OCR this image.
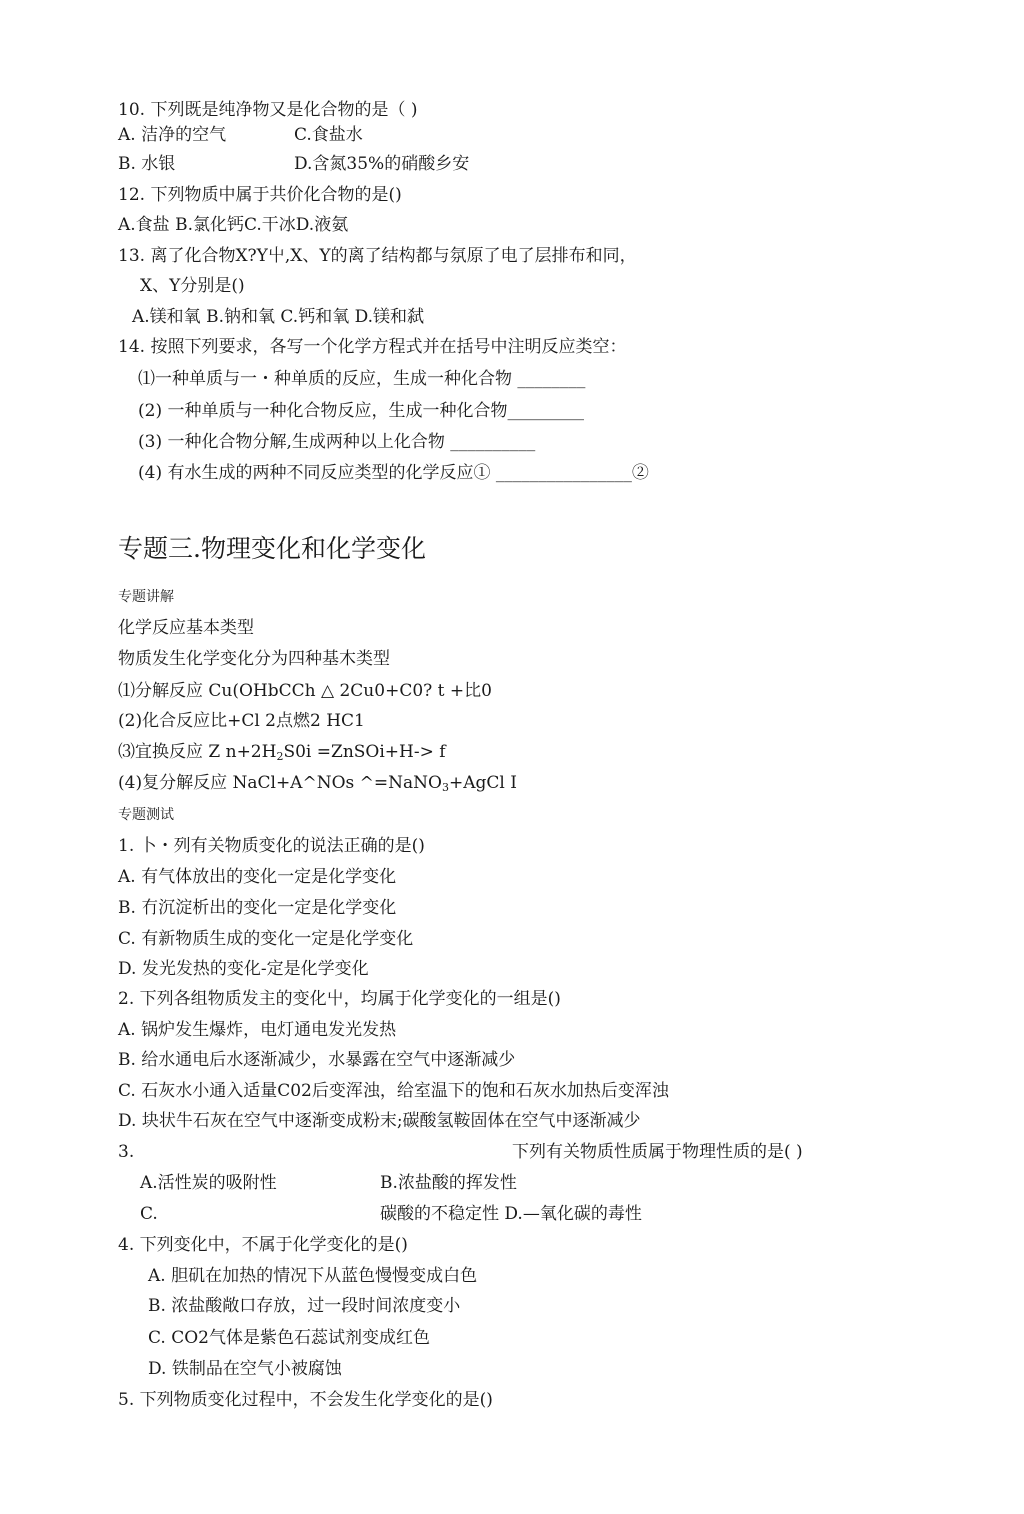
10. 下列既是纯净物又是化合物的是（ )
A. 洁净的空气	C.食盐水
B. 水银	D.含氮35%的硝酸乡安
12. 下列物质中属于共价化合物的是()
A.食盐 B.氯化钙C.干冰D.液氨
13. 离了化合物X?Y屮,X、Y的离了结构都与氛原了电了层排布和同，
X、Y分别是()
A.镁和氧 B.钠和氧 C.钙和氧 D.镁和弑
14. 按照下列要求，各写一个化学方程式并在括号中注明反应类空：
⑴一种单质与一・种单质的反应，生成一种化合物 ________
(2) 一种单质与一种化合物反应，生成一种化合物_________
(3) 一种化合物分解,生成两种以上化合物 __________
(4) 有水生成的两种不同反应类型的化学反应① ________________②
专题三.物理变化和化学变化
专题讲解
化学反应基本类型
物质发生化学变化分为四种基木类型
⑴分解反应 Cu(OHbCCh △ 2Cu0+C0? t +比0
(2)化合反应比+Cl 2点燃2 HC1
⑶宜换反应 Z $n+2H_2S0i$ =ZnSOi+H-> f
(4)复分解反应 NaCl+A^NOs ^=NaNO$_3$+AgCl I
专题测试
1. 卜・列有关物质变化的说法正确的是()
A. 有气体放出的变化一定是化学变化
B. 冇沉淀析出的变化一定是化学变化
C. 有新物质生成的变化一定是化学变化
D. 发光发热的变化-定是化学变化
2. 下列各组物质发主的变化屮，均属于化学变化的一组是()
A. 锅炉发生爆炸，电灯通电发光发热
B. 给水通电后水逐渐减少，水暴露在空气中逐渐减少
C. 石灰水小通入适量C02后变浑浊，给室温下的饱和石灰水加热后变浑浊
D. 块状牛石灰在空气中逐渐变成粉末;碳酸氢鞍固体在空气中逐渐减少
3.	下列有关物质性质属于物理性质的是( )
A.活性炭的吸附性	B.浓盐酸的挥发性
C.	碳酸的不稳定性 D.—氧化碳的毒性
4. 下列变化中，不属于化学变化的是()
A. 胆矶在加热的情况下从蓝色慢慢变成白色
B. 浓盐酸敞口存放，过一段时间浓度变小
C. CO2气体是紫色石蕊试剂变成红色
D. 铁制品在空气小被腐蚀
5. 下列物质变化过程中，不会发生化学变化的是()
